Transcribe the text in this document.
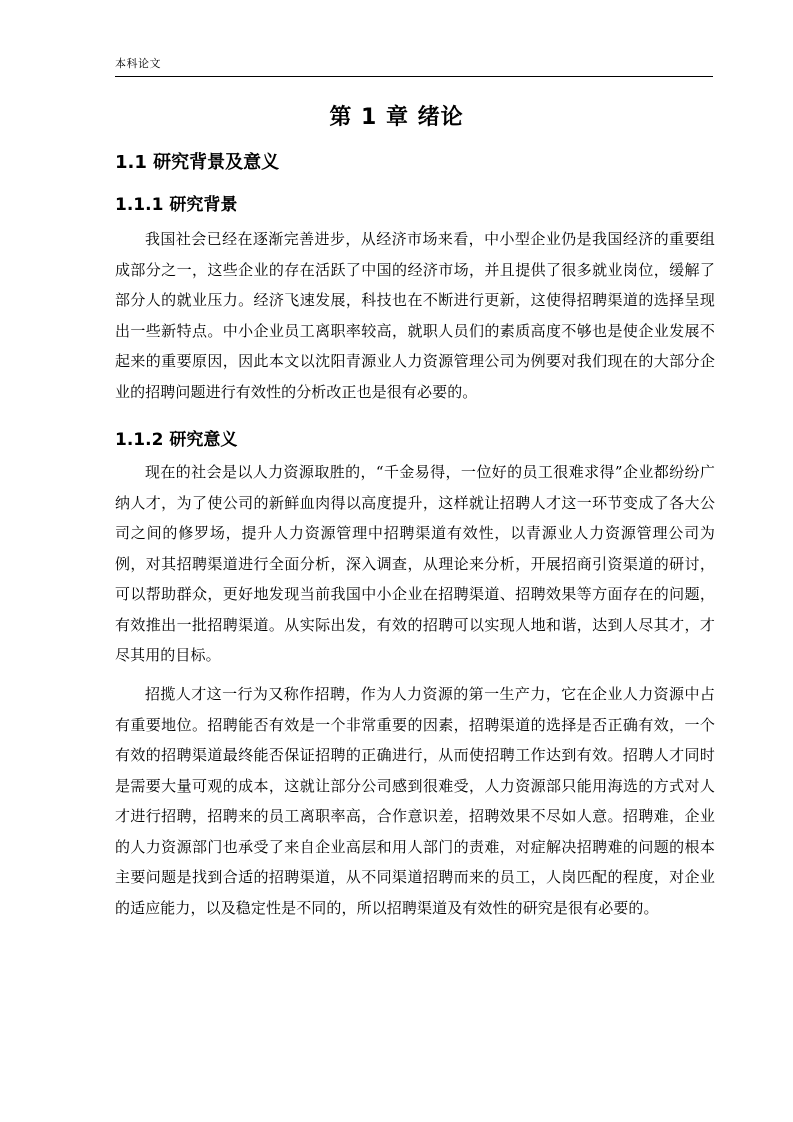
本科论文
第 1 章 绪论
1.1 研究背景及意义
1.1.1 研究背景
我国社会已经在逐渐完善进步，从经济市场来看，中小型企业仍是我国经济的重要组成部分之一，这些企业的存在活跃了中国的经济市场，并且提供了很多就业岗位，缓解了部分人的就业压力。经济飞速发展，科技也在不断进行更新，这使得招聘渠道的选择呈现出一些新特点。中小企业员工离职率较高，就职人员们的素质高度不够也是使企业发展不起来的重要原因，因此本文以沈阳青源业人力资源管理公司为例要对我们现在的大部分企业的招聘问题进行有效性的分析改正也是很有必要的。
1.1.2 研究意义
现在的社会是以人力资源取胜的，“千金易得，一位好的员工很难求得”企业都纷纷广纳人才，为了使公司的新鲜血肉得以高度提升，这样就让招聘人才这一环节变成了各大公司之间的修罗场，提升人力资源管理中招聘渠道有效性，以青源业人力资源管理公司为例，对其招聘渠道进行全面分析，深入调查，从理论来分析，开展招商引资渠道的研讨，可以帮助群众，更好地发现当前我国中小企业在招聘渠道、招聘效果等方面存在的问题，有效推出一批招聘渠道。从实际出发，有效的招聘可以实现人地和谐，达到人尽其才，才尽其用的目标。
招揽人才这一行为又称作招聘，作为人力资源的第一生产力，它在企业人力资源中占有重要地位。招聘能否有效是一个非常重要的因素，招聘渠道的选择是否正确有效，一个有效的招聘渠道最终能否保证招聘的正确进行，从而使招聘工作达到有效。招聘人才同时是需要大量可观的成本，这就让部分公司感到很难受，人力资源部只能用海选的方式对人才进行招聘，招聘来的员工离职率高，合作意识差，招聘效果不尽如人意。招聘难，企业的人力资源部门也承受了来自企业高层和用人部门的责难，对症解决招聘难的问题的根本主要问题是找到合适的招聘渠道，从不同渠道招聘而来的员工，人岗匹配的程度，对企业的适应能力，以及稳定性是不同的，所以招聘渠道及有效性的研究是很有必要的。
